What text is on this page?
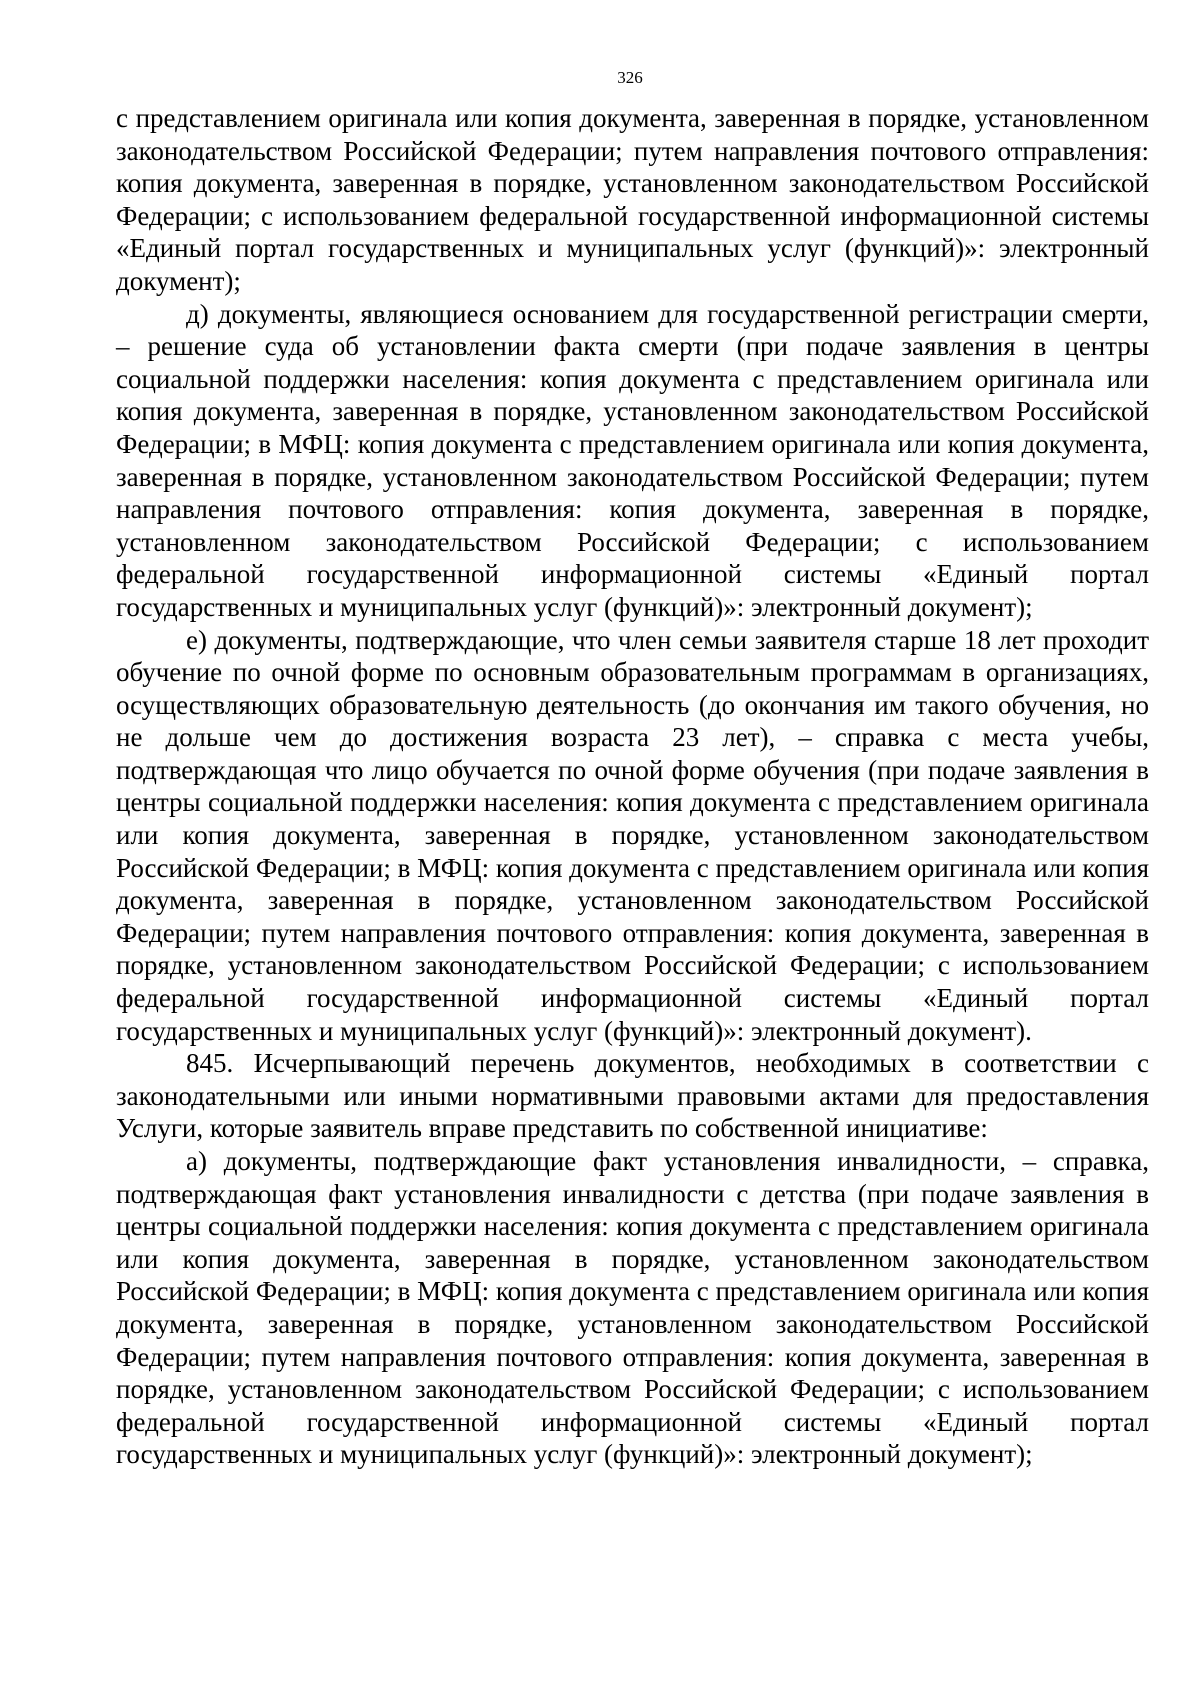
326

с представлением оригинала или копия документа, заверенная в порядке, установленном законодательством Российской Федерации; путем направления почтового отправления: копия документа, заверенная в порядке, установленном законодательством Российской Федерации; с использованием федеральной государственной информационной системы «Единый портал государственных и муниципальных услуг (функций)»: электронный документ);

д) документы, являющиеся основанием для государственной регистрации смерти, – решение суда об установлении факта смерти (при подаче заявления в центры социальной поддержки населения: копия документа с представлением оригинала или копия документа, заверенная в порядке, установленном законодательством Российской Федерации; в МФЦ: копия документа с представлением оригинала или копия документа, заверенная в порядке, установленном законодательством Российской Федерации; путем направления почтового отправления: копия документа, заверенная в порядке, установленном законодательством Российской Федерации; с использованием федеральной государственной информационной системы «Единый портал государственных и муниципальных услуг (функций)»: электронный документ);

е) документы, подтверждающие, что член семьи заявителя старше 18 лет проходит обучение по очной форме по основным образовательным программам в организациях, осуществляющих образовательную деятельность (до окончания им такого обучения, но не дольше чем до достижения возраста 23 лет), – справка с места учебы, подтверждающая что лицо обучается по очной форме обучения (при подаче заявления в центры социальной поддержки населения: копия документа с представлением оригинала или копия документа, заверенная в порядке, установленном законодательством Российской Федерации; в МФЦ: копия документа с представлением оригинала или копия документа, заверенная в порядке, установленном законодательством Российской Федерации; путем направления почтового отправления: копия документа, заверенная в порядке, установленном законодательством Российской Федерации; с использованием федеральной государственной информационной системы «Единый портал государственных и муниципальных услуг (функций)»: электронный документ).

845. Исчерпывающий перечень документов, необходимых в соответствии с законодательными или иными нормативными правовыми актами для предоставления Услуги, которые заявитель вправе представить по собственной инициативе:

а) документы, подтверждающие факт установления инвалидности, – справка, подтверждающая факт установления инвалидности с детства (при подаче заявления в центры социальной поддержки населения: копия документа с представлением оригинала или копия документа, заверенная в порядке, установленном законодательством Российской Федерации; в МФЦ: копия документа с представлением оригинала или копия документа, заверенная в порядке, установленном законодательством Российской Федерации; путем направления почтового отправления: копия документа, заверенная в порядке, установленном законодательством Российской Федерации; с использованием федеральной государственной информационной системы «Единый портал государственных и муниципальных услуг (функций)»: электронный документ);
